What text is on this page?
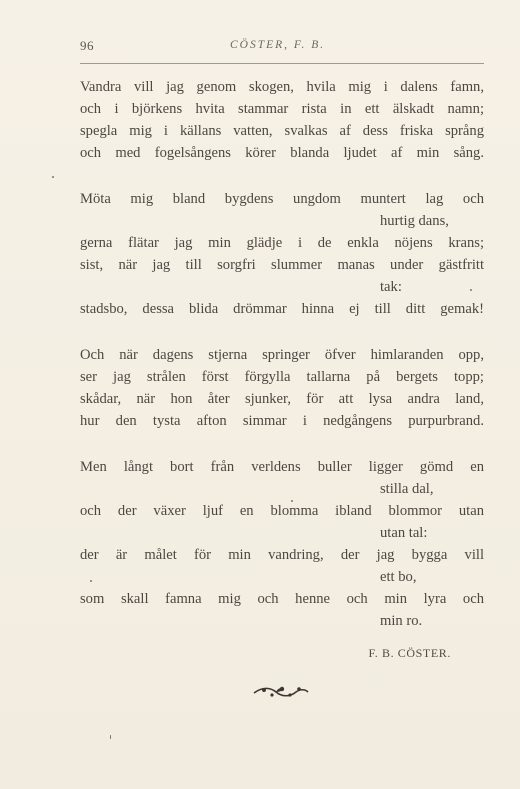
96	CÖSTER, F. B.
Vandra vill jag genom skogen, hvila mig i dalens famn,
och i björkens hvita stammar rista in ett älskadt namn;
spegla mig i källans vatten, svalkas af dess friska språng
och med fogelsångens körer blanda ljudet af min sång.
Möta mig bland bygdens ungdom muntert lag och
hurtig dans,
gerna flätar jag min glädje i de enkla nöjens krans;
sist, när jag till sorgfri slummer manas under gästfritt
tak:
stadsbo, dessa blida drömmar hinna ej till ditt gemak!
Och när dagens stjerna springer öfver himlaranden opp,
ser jag strålen först förgylla tallarna på bergets topp;
skådar, när hon åter sjunker, för att lysa andra land,
hur den tysta afton simmar i nedgångens purpurbrand.
Men långt bort från verldens buller ligger gömd en
stilla dal,
och der växer ljuf en blomma ibland blommor utan
utan tal:
der är målet för min vandring, der jag bygga vill
ett bo,
som skall famna mig och henne och min lyra och
min ro.
F. B. CÖSTER.
